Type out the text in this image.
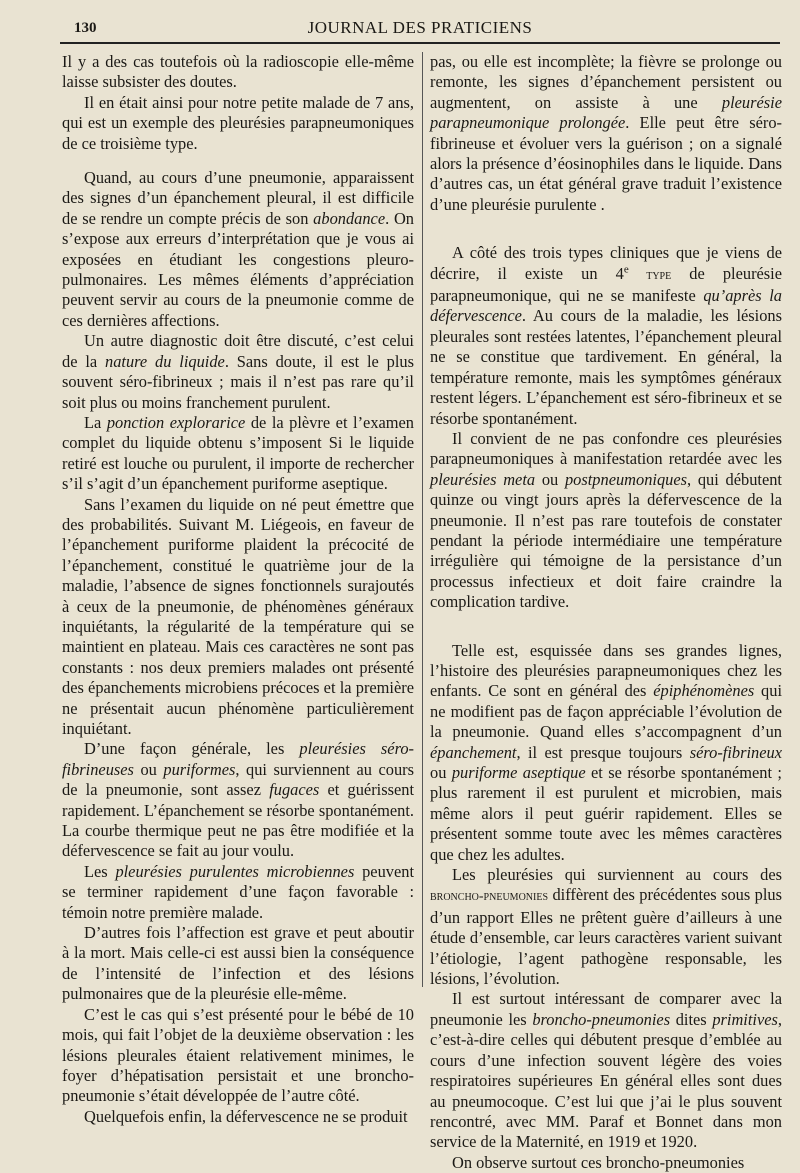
130	JOURNAL DES PRATICIENS

Il y a des cas toutefois où la radioscopie elle-même laisse subsister des doutes.

Il en était ainsi pour notre petite malade de 7 ans, qui est un exemple des pleurésies parapneumoniques de ce troisième type.

Quand, au cours d’une pneumonie, apparaissent des signes d’un épanchement pleural, il est difficile de se rendre un compte précis de son abondance. On s’expose aux erreurs d’interprétation que je vous ai exposées en étudiant les congestions pleuro-pulmonaires. Les mêmes éléments d’appréciation peuvent servir au cours de la pneumonie comme de ces dernières affections.

Un autre diagnostic doit être discuté, c’est celui de la nature du liquide. Sans doute, il est le plus souvent séro-fibrineux ; mais il n’est pas rare qu’il soit plus ou moins franchement purulent.

La ponction explorarice de la plèvre et l’examen complet du liquide obtenu s’imposent Si le liquide retiré est louche ou purulent, il importe de rechercher s’il s’agit d’un épanchement puriforme aseptique.

Sans l’examen du liquide on né peut émettre que des probabilités. Suivant M. Liégeois, en faveur de l’épanchement puriforme plaident la précocité de l’épanchement, constitué le quatrième jour de la maladie, l’absence de signes fonctionnels surajoutés à ceux de la pneumonie, de phénomènes généraux inquiétants, la régularité de la température qui se maintient en plateau. Mais ces caractères ne sont pas constants : nos deux premiers malades ont présenté des épanchements microbiens précoces et la première ne présentait aucun phénomène particulièrement inquiétant.

D’une façon générale, les pleurésies séro-fibrineuses ou puriformes, qui surviennent au cours de la pneumonie, sont assez fugaces et guérissent rapidement. L’épanchement se résorbe spontanément. La courbe thermique peut ne pas être modifiée et la défervescence se fait au jour voulu.

Les pleurésies purulentes microbiennes peuvent se terminer rapidement d’une façon favorable : témoin notre première malade.

D’autres fois l’affection est grave et peut aboutir à la mort. Mais celle-ci est aussi bien la conséquence de l’intensité de l’infection et des lésions pulmonaires que de la pleurésie elle-même.

C’est le cas qui s’est présenté pour le bébé de 10 mois, qui fait l’objet de la deuxième observation : les lésions pleurales étaient relativement minimes, le foyer d’hépatisation persistait et une broncho-pneumonie s’était développée de l’autre côté.

Quelquefois enfin, la défervescence ne se produit

pas, ou elle est incomplète; la fièvre se prolonge ou remonte, les signes d’épanchement persistent ou augmentent, on assiste à une pleurésie parapneumonique prolongée. Elle peut être séro-fibrineuse et évoluer vers la guérison ; on a signalé alors la présence d’éosinophiles dans le liquide. Dans d’autres cas, un état général grave traduit l’existence d’une pleurésie purulente .

A côté des trois types cliniques que je viens de décrire, il existe un 4e type de pleurésie parapneumonique, qui ne se manifeste qu’après la défervescence. Au cours de la maladie, les lésions pleurales sont restées latentes, l’épanchement pleural ne se constitue que tardivement. En général, la température remonte, mais les symptômes généraux restent légers. L’épanchement est séro-fibrineux et se résorbe spontanément.

Il convient de ne pas confondre ces pleurésies parapneumoniques à manifestation retardée avec les pleurésies meta ou postpneumoniques, qui débutent quinze ou vingt jours après la défervescence de la pneumonie. Il n’est pas rare toutefois de constater pendant la période intermédiaire une température irrégulière qui témoigne de la persistance d’un processus infectieux et doit faire craindre la complication tardive.

Telle est, esquissée dans ses grandes lignes, l’histoire des pleurésies parapneumoniques chez les enfants. Ce sont en général des épiphénomènes qui ne modifient pas de façon appréciable l’évolution de la pneumonie. Quand elles s’accompagnent d’un épanchement, il est presque toujours séro-fibrineux ou puriforme aseptique et se résorbe spontanément ; plus rarement il est purulent et microbien, mais même alors il peut guérir rapidement. Elles se présentent somme toute avec les mêmes caractères que chez les adultes.

Les pleurésies qui surviennent au cours des broncho-pneumonies diffèrent des précédentes sous plus d’un rapport Elles ne prêtent guère d’ailleurs à une étude d’ensemble, car leurs caractères varient suivant l’étiologie, l’agent pathogène responsable, les lésions, l’évolution.

Il est surtout intéressant de comparer avec la pneumonie les broncho-pneumonies dites primitives, c’est-à-dire celles qui débutent presque d’emblée au cours d’une infection souvent légère des voies respiratoires supérieures En général elles sont dues au pneumocoque. C’est lui que j’ai le plus souvent rencontré, avec MM. Paraf et Bonnet dans mon service de la Maternité, en 1919 et 1920.

On observe surtout ces broncho-pneumonies
